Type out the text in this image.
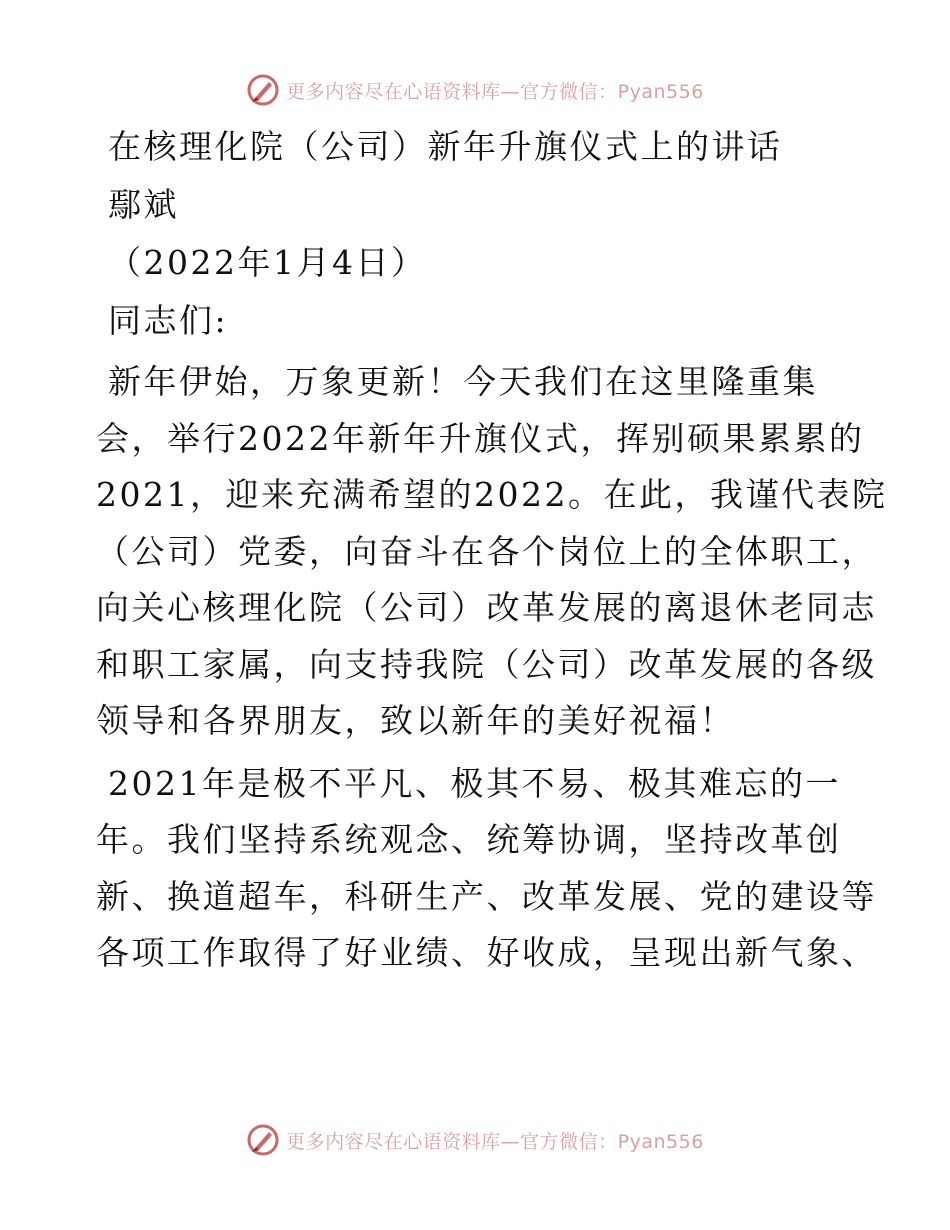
更多内容尽在心语资料库—官方微信：Pyan556

在核理化院（公司）新年升旗仪式上的讲话

鄢斌

（2022年1月4日）

同志们:

新年伊始，万象更新！今天我们在这里隆重集

会，举行2022年新年升旗仪式，挥别硕果累累的

2021，迎来充满希望的2022。在此，我谨代表院

（公司）党委，向奋斗在各个岗位上的全体职工，

向关心核理化院（公司）改革发展的离退休老同志

和职工家属，向支持我院（公司）改革发展的各级

领导和各界朋友，致以新年的美好祝福！

2021年是极不平凡、极其不易、极其难忘的一

年。我们坚持系统观念、统筹协调，坚持改革创

新、换道超车，科研生产、改革发展、党的建设等

各项工作取得了好业绩、好收成，呈现出新气象、

更多内容尽在心语资料库—官方微信：Pyan556
